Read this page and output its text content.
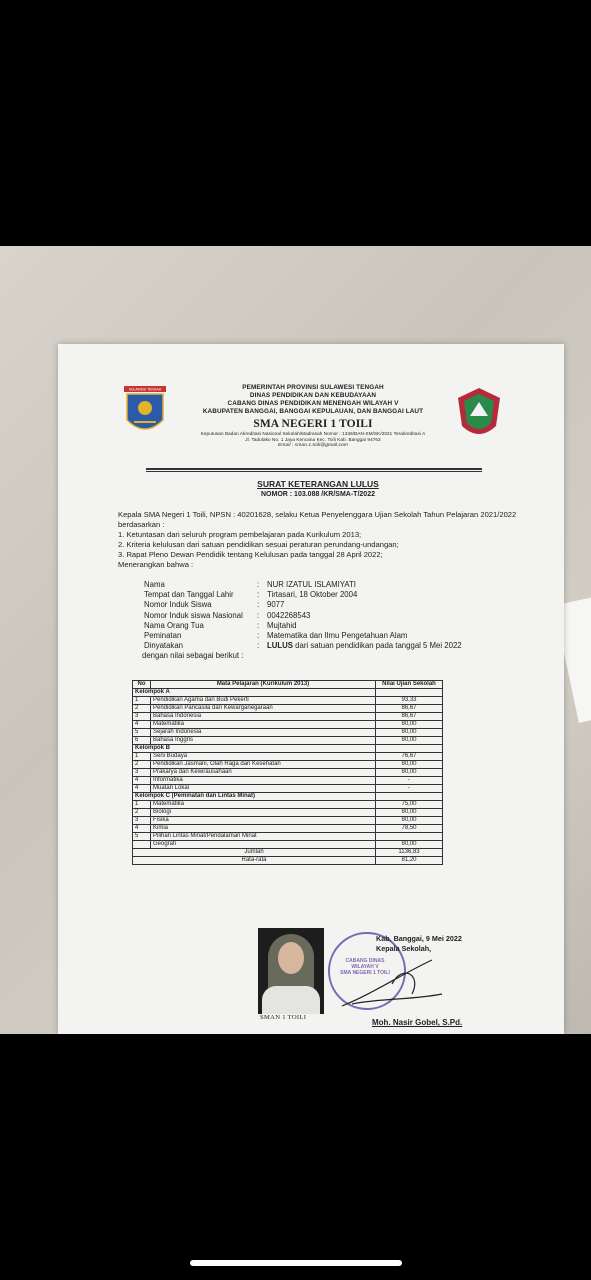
SULAWESI TENGAH	PEMERINTAH PROVINSI SULAWESI TENGAH
DINAS PENDIDIKAN DAN KEBUDAYAAN
CABANG DINAS PENDIDIKAN MENENGAH WILAYAH V
KABUPATEN BANGGAI, BANGGAI KEPULAUAN, DAN BANGGAI LAUT
SMA NEGERI 1 TOILI
Keputusan Badan Akreditasi Nasional Sekolah/Madrasah Nomor : 1346/BAN-SM/SK/2021 Terakreditasi A
Jl. Tadulako No. 1 Jaya Kencana Kec. Toili Kab. Banggai 94763
Email : sman.1.toili@gmail.com
SURAT KETERANGAN LULUS
NOMOR : 103.088 /KR/SMA-T/2022
Kepala SMA Negeri 1 Toili, NPSN : 40201628, selaku Ketua Penyelenggara Ujian Sekolah Tahun Pelajaran 2021/2022 berdasarkan :
1. Ketuntasan dari seluruh program pembelajaran pada Kurikulum 2013;
2. Kriteria kelulusan dari satuan pendidikan sesuai peraturan perundang-undangan;
3. Rapat Pleno Dewan Pendidik tentang Kelulusan pada tanggal 28 April 2022;
Menerangkan bahwa :
Nama	:	NUR IZATUL ISLAMIYATI
Tempat dan Tanggal Lahir	:	Tirtasari, 18 Oktober 2004
Nomor Induk Siswa	:	9077
Nomor Induk siswa Nasional	:	0042268543
Nama Orang Tua	:	Mujtahid
Peminatan	:	Matematika dan Ilmu Pengetahuan Alam
Dinyatakan	:	LULUS dari satuan pendidikan pada tanggal 5 Mei 2022
dengan nilai sebagai berikut :
No	Mata Pelajaran (Kurikulum 2013)	Nilai Ujian Sekolah
Kelompok A		
1	Pendidikan Agama dan Budi Pekerti	93,33
2	Pendidikan Pancasila dan Kewarganegaraan	86,67
3	Bahasa Indonesia	86,67
4	Matematika	80,00
5	Sejarah Indonesia	80,00
6	Bahasa Inggris	80,00
Kelompok B		
1	Seni Budaya	76,67
2	Pendidikan Jasmani, Olah Raga dan Kesehatan	80,00
3	Prakarya dan Kewirausahaan	80,00
4	Informatika	-
4	Muatan Lokal	-
Kelompok C (Peminatan dan Lintas Minat)		
1	Matematika	75,00
2	Biologi	80,00
3	Fisika	80,00
4	Kimia	78,50
5	Pilihan Lintas Minat/Pendalaman Minat	
	Geografi	80,00
Jumlah		1136,83
Rata-rata		81,20
SMAN 1 TOILI
CABANG DINAS
WILAYAH V
SMA NEGERI 1 TOILI
Kab. Banggai, 9 Mei 2022
Kepala Sekolah,
Moh. Nasir Gobel, S.Pd.
